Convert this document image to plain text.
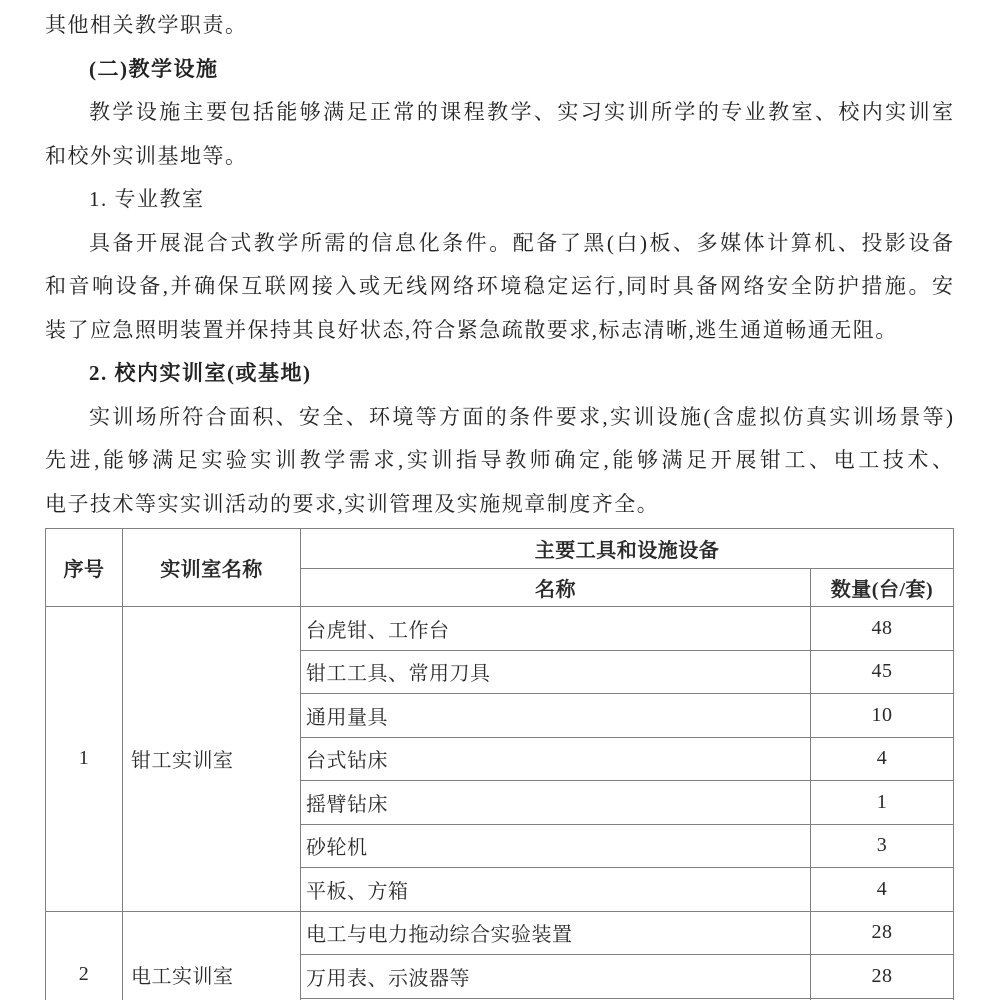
其他相关教学职责。
(二)教学设施
教学设施主要包括能够满足正常的课程教学、实习实训所学的专业教室、校内实训室
和校外实训基地等。
1. 专业教室
具备开展混合式教学所需的信息化条件。配备了黑(白)板、多媒体计算机、投影设备
和音响设备,并确保互联网接入或无线网络环境稳定运行,同时具备网络安全防护措施。安
装了应急照明装置并保持其良好状态,符合紧急疏散要求,标志清晰,逃生通道畅通无阻。
2. 校内实训室(或基地)
实训场所符合面积、安全、环境等方面的条件要求,实训设施(含虚拟仿真实训场景等)
先进,能够满足实验实训教学需求,实训指导教师确定,能够满足开展钳工、电工技术、
电子技术等实实训活动的要求,实训管理及实施规章制度齐全。
序号	实训室名称	主要工具和设施设备	
		名称	数量(台/套)
1	钳工实训室	台虎钳、工作台	48
		钳工工具、常用刀具	45
		通用量具	10
		台式钻床	4
		摇臂钻床	1
		砂轮机	3
		平板、方箱	4
2	电工实训室	电工与电力拖动综合实验装置	28
		万用表、示波器等	28
